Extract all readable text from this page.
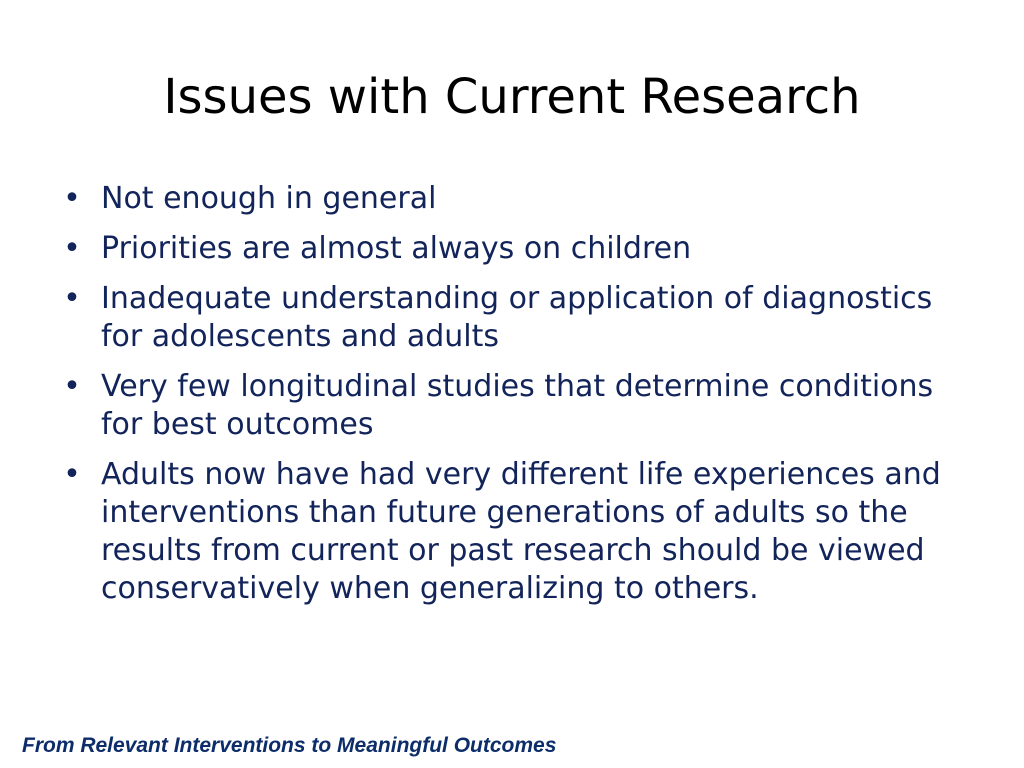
Issues with Current Research
• Not enough in general
• Priorities are almost always on children
• Inadequate understanding or application of diagnostics for adolescents and adults
• Very few longitudinal studies that determine conditions for best outcomes
• Adults now have had very different life experiences and interventions than future generations of adults so the results from current or past research should be viewed conservatively when generalizing to others.
From Relevant Interventions to Meaningful Outcomes
